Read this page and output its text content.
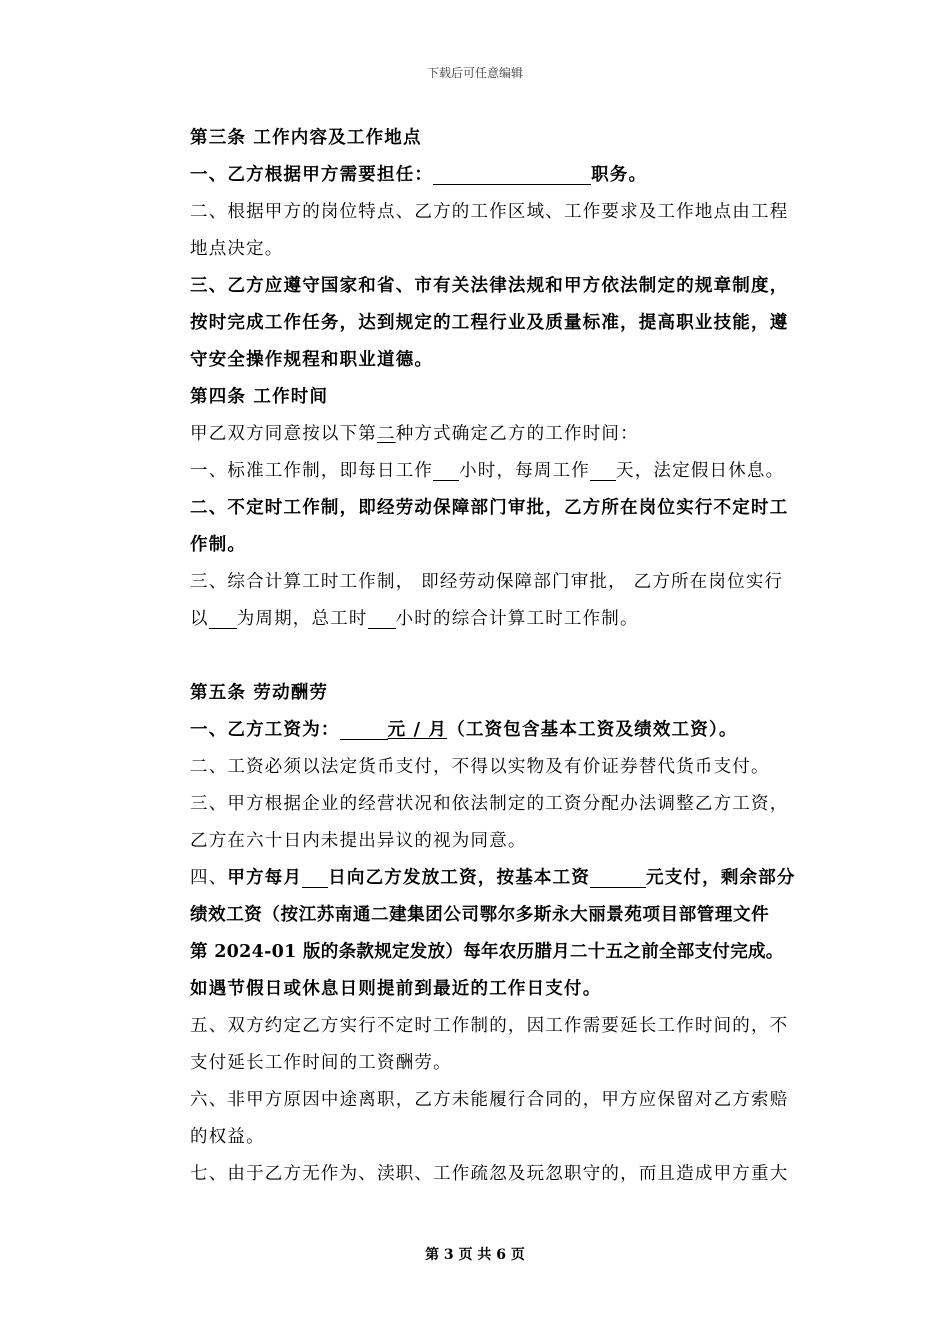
下载后可任意编辑
第三条 工作内容及工作地点
一、乙方根据甲方需要担任：	职务。
二、根据甲方的岗位特点、乙方的工作区域、工作要求及工作地点由工程
地点决定。
三、乙方应遵守国家和省、市有关法律法规和甲方依法制定的规章制度，
按时完成工作任务，达到规定的工程行业及质量标准，提高职业技能，遵
守安全操作规程和职业道德。
第四条 工作时间
甲乙双方同意按以下第二种方式确定乙方的工作时间：
一、标准工作制，即每日工作 小时，每周工作 天，法定假日休息。
二、不定时工作制，即经劳动保障部门审批，乙方所在岗位实行不定时工
作制。
三、综合计算工时工作制， 即经劳动保障部门审批， 乙方所在岗位实行
以 为周期，总工时 小时的综合计算工时工作制。
第五条 劳动酬劳
一、乙方工资为：	元 / 月（工资包含基本工资及绩效工资）。
二、工资必须以法定货币支付，不得以实物及有价证券替代货币支付。
三、甲方根据企业的经营状况和依法制定的工资分配办法调整乙方工资，
乙方在六十日内未提出异议的视为同意。
四、甲方每月 日向乙方发放工资，按基本工资	元支付，剩余部分
绩效工资（按江苏南通二建集团公司鄂尔多斯永大丽景苑项目部管理文件
第 2024-01 版的条款规定发放）每年农历腊月二十五之前全部支付完成。
如遇节假日或休息日则提前到最近的工作日支付。
五、双方约定乙方实行不定时工作制的，因工作需要延长工作时间的，不
支付延长工作时间的工资酬劳。
六、非甲方原因中途离职，乙方未能履行合同的，甲方应保留对乙方索赔
的权益。
七、由于乙方无作为、渎职、工作疏忽及玩忽职守的，而且造成甲方重大
第 3 页 共 6 页
